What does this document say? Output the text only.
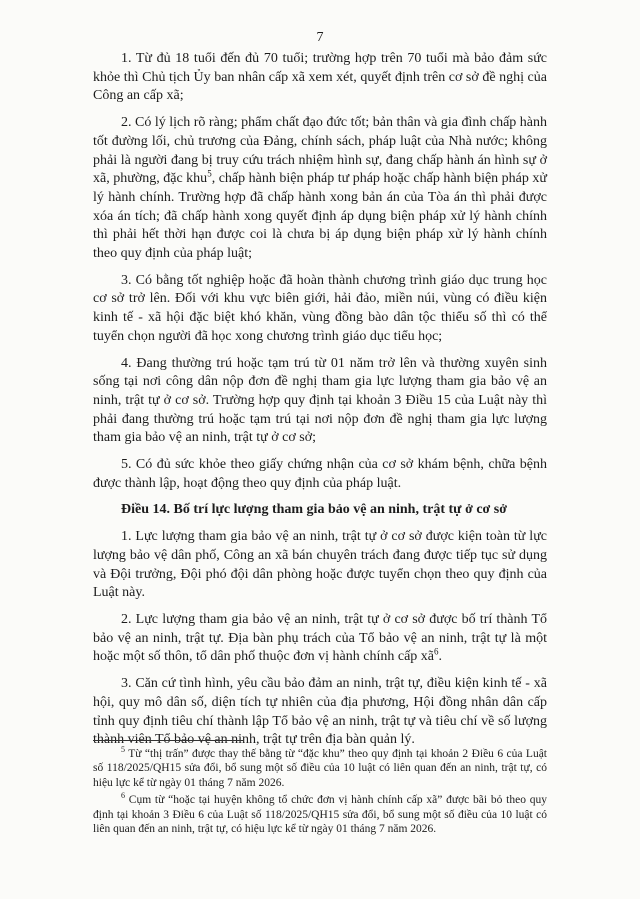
7

1. Từ đủ 18 tuổi đến đủ 70 tuổi; trường hợp trên 70 tuổi mà bảo đảm sức khỏe thì Chủ tịch Ủy ban nhân cấp xã xem xét, quyết định trên cơ sở đề nghị của Công an cấp xã;

2. Có lý lịch rõ ràng; phẩm chất đạo đức tốt; bản thân và gia đình chấp hành tốt đường lối, chủ trương của Đảng, chính sách, pháp luật của Nhà nước; không phải là người đang bị truy cứu trách nhiệm hình sự, đang chấp hành án hình sự ở xã, phường, đặc khu$^5$, chấp hành biện pháp tư pháp hoặc chấp hành biện pháp xử lý hành chính. Trường hợp đã chấp hành xong bản án của Tòa án thì phải được xóa án tích; đã chấp hành xong quyết định áp dụng biện pháp xử lý hành chính thì phải hết thời hạn được coi là chưa bị áp dụng biện pháp xử lý hành chính theo quy định của pháp luật;

3. Có bằng tốt nghiệp hoặc đã hoàn thành chương trình giáo dục trung học cơ sở trở lên. Đối với khu vực biên giới, hải đảo, miền núi, vùng có điều kiện kinh tế - xã hội đặc biệt khó khăn, vùng đồng bào dân tộc thiểu số thì có thể tuyển chọn người đã học xong chương trình giáo dục tiểu học;

4. Đang thường trú hoặc tạm trú từ 01 năm trở lên và thường xuyên sinh sống tại nơi công dân nộp đơn đề nghị tham gia lực lượng tham gia bảo vệ an ninh, trật tự ở cơ sở. Trường hợp quy định tại khoản 3 Điều 15 của Luật này thì phải đang thường trú hoặc tạm trú tại nơi nộp đơn đề nghị tham gia lực lượng tham gia bảo vệ an ninh, trật tự ở cơ sở;

5. Có đủ sức khỏe theo giấy chứng nhận của cơ sở khám bệnh, chữa bệnh được thành lập, hoạt động theo quy định của pháp luật.

Điều 14. Bố trí lực lượng tham gia bảo vệ an ninh, trật tự ở cơ sở

1. Lực lượng tham gia bảo vệ an ninh, trật tự ở cơ sở được kiện toàn từ lực lượng bảo vệ dân phố, Công an xã bán chuyên trách đang được tiếp tục sử dụng và Đội trưởng, Đội phó đội dân phòng hoặc được tuyển chọn theo quy định của Luật này.

2. Lực lượng tham gia bảo vệ an ninh, trật tự ở cơ sở được bố trí thành Tổ bảo vệ an ninh, trật tự. Địa bàn phụ trách của Tổ bảo vệ an ninh, trật tự là một hoặc một số thôn, tổ dân phố thuộc đơn vị hành chính cấp $xã^6$.

3. Căn cứ tình hình, yêu cầu bảo đảm an ninh, trật tự, điều kiện kinh tế - xã hội, quy mô dân số, diện tích tự nhiên của địa phương, Hội đồng nhân dân cấp tỉnh quy định tiêu chí thành lập Tổ bảo vệ an ninh, trật tự và tiêu chí về số lượng thành viên Tổ bảo vệ an ninh, trật tự trên địa bàn quản lý.

$^5$ Từ “thị trấn” được thay thế bằng từ “đặc khu” theo quy định tại khoản 2 Điều 6 của Luật số 118/2025/QH15 sửa đổi, bổ sung một số điều của 10 luật có liên quan đến an ninh, trật tự, có hiệu lực kể từ ngày 01 tháng 7 năm 2026.

$^6$ Cụm từ “hoặc tại huyện không tổ chức đơn vị hành chính cấp xã” được bãi bỏ theo quy định tại khoản 3 Điều 6 của Luật số 118/2025/QH15 sửa đổi, bổ sung một số điều của 10 luật có liên quan đến an ninh, trật tự, có hiệu lực kể từ ngày 01 tháng 7 năm 2026.
